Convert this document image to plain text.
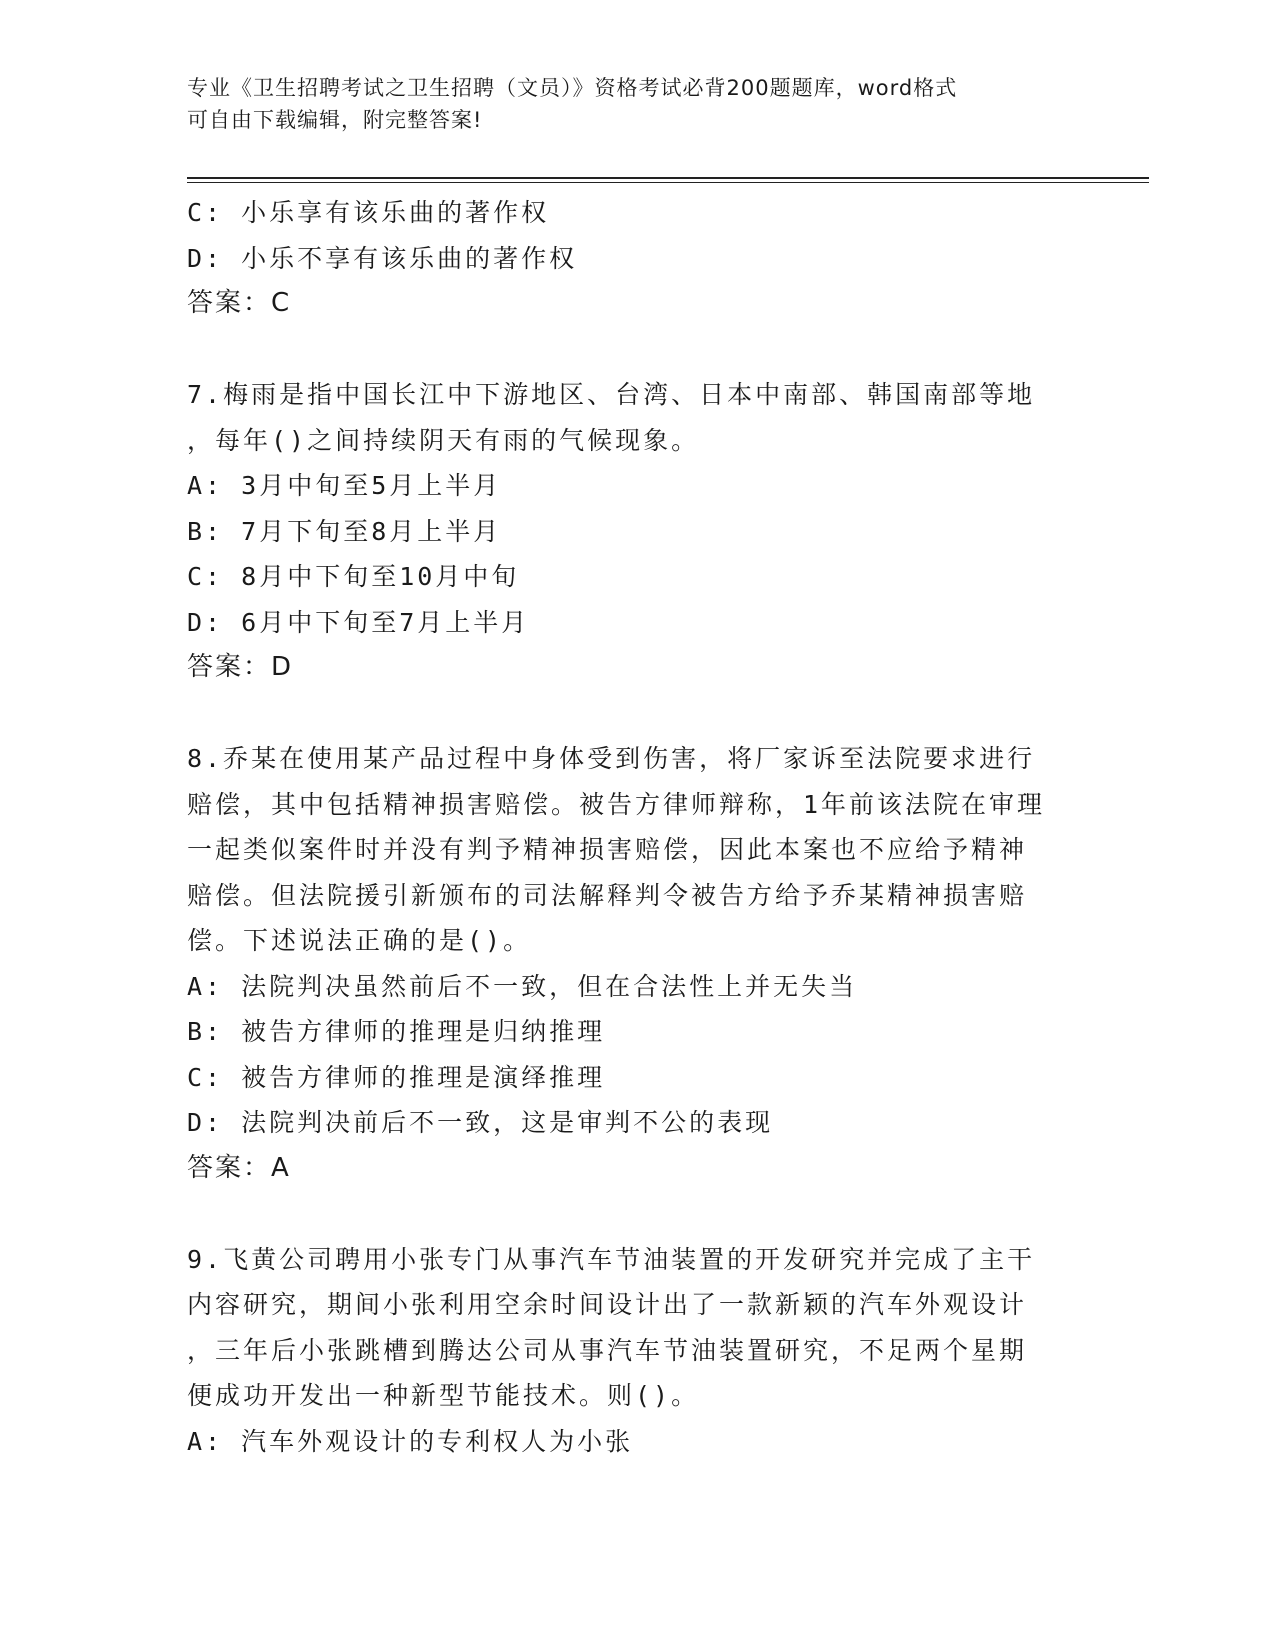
专业《卫生招聘考试之卫生招聘（文员）》资格考试必背200题题库，word格式
可自由下载编辑，附完整答案!
C: 小乐享有该乐曲的著作权
D: 小乐不享有该乐曲的著作权
答案：C
7.梅雨是指中国长江中下游地区、台湾、日本中南部、韩国南部等地
，每年()之间持续阴天有雨的气候现象。
A: 3月中旬至5月上半月
B: 7月下旬至8月上半月
C: 8月中下旬至10月中旬
D: 6月中下旬至7月上半月
答案：D
8.乔某在使用某产品过程中身体受到伤害，将厂家诉至法院要求进行
赔偿，其中包括精神损害赔偿。被告方律师辩称，1年前该法院在审理
一起类似案件时并没有判予精神损害赔偿，因此本案也不应给予精神
赔偿。但法院援引新颁布的司法解释判令被告方给予乔某精神损害赔
偿。下述说法正确的是()。
A: 法院判决虽然前后不一致，但在合法性上并无失当
B: 被告方律师的推理是归纳推理
C: 被告方律师的推理是演绎推理
D: 法院判决前后不一致，这是审判不公的表现
答案：A
9.飞黄公司聘用小张专门从事汽车节油装置的开发研究并完成了主干
内容研究，期间小张利用空余时间设计出了一款新颖的汽车外观设计
，三年后小张跳槽到腾达公司从事汽车节油装置研究，不足两个星期
便成功开发出一种新型节能技术。则()。
A: 汽车外观设计的专利权人为小张
